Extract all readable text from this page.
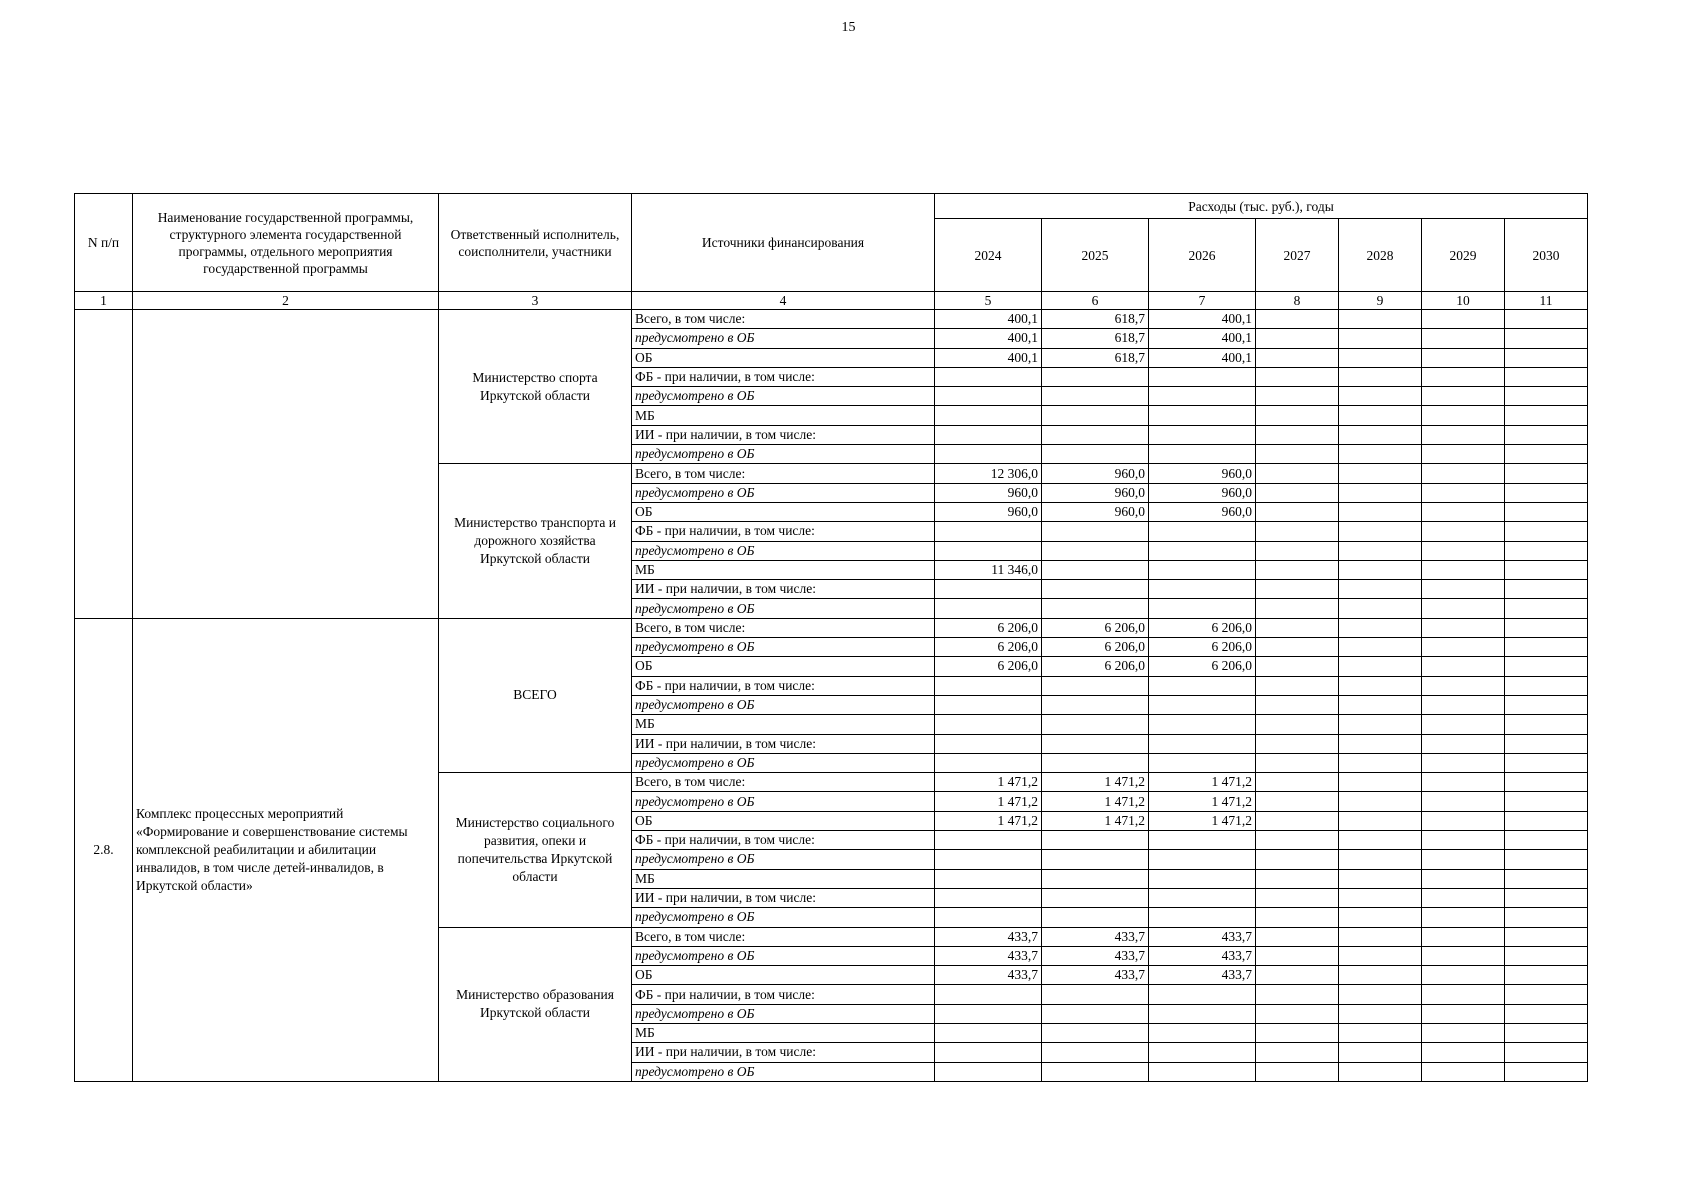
15
N п/п	Наименование государственной программы, структурного элемента государственной программы, отдельного мероприятия государственной программы	Ответственный исполнитель, соисполнители, участники	Источники финансирования	Расходы (тыс. руб.), годы						
				2024	2025	2026	2027	2028	2029	2030
1	2	3	4	5	6	7	8	9	10	11
		Министерство спорта Иркутской области	Всего, в том числе:	400,1	618,7	400,1				
			предусмотрено в ОБ	400,1	618,7	400,1				
			ОБ	400,1	618,7	400,1				
			ФБ - при наличии, в том числе:							
			предусмотрено в ОБ							
			МБ							
			ИИ - при наличии, в том числе:							
			предусмотрено в ОБ							
		Министерство транспорта и дорожного хозяйства Иркутской области	Всего, в том числе:	12 306,0	960,0	960,0				
			предусмотрено в ОБ	960,0	960,0	960,0				
			ОБ	960,0	960,0	960,0				
			ФБ - при наличии, в том числе:							
			предусмотрено в ОБ							
			МБ	11 346,0						
			ИИ - при наличии, в том числе:							
			предусмотрено в ОБ							
2.8.	Комплекс процессных мероприятий «Формирование и совершенствование системы комплексной реабилитации и абилитации инвалидов, в том числе детей-инвалидов, в Иркутской области»	ВСЕГО	Всего, в том числе:	6 206,0	6 206,0	6 206,0				
			предусмотрено в ОБ	6 206,0	6 206,0	6 206,0				
			ОБ	6 206,0	6 206,0	6 206,0				
			ФБ - при наличии, в том числе:							
			предусмотрено в ОБ							
			МБ							
			ИИ - при наличии, в том числе:							
			предусмотрено в ОБ							
		Министерство социального развития, опеки и попечительства Иркутской области	Всего, в том числе:	1 471,2	1 471,2	1 471,2				
			предусмотрено в ОБ	1 471,2	1 471,2	1 471,2				
			ОБ	1 471,2	1 471,2	1 471,2				
			ФБ - при наличии, в том числе:							
			предусмотрено в ОБ							
			МБ							
			ИИ - при наличии, в том числе:							
			предусмотрено в ОБ							
		Министерство образования Иркутской области	Всего, в том числе:	433,7	433,7	433,7				
			предусмотрено в ОБ	433,7	433,7	433,7				
			ОБ	433,7	433,7	433,7				
			ФБ - при наличии, в том числе:							
			предусмотрено в ОБ							
			МБ							
			ИИ - при наличии, в том числе:							
			предусмотрено в ОБ							
